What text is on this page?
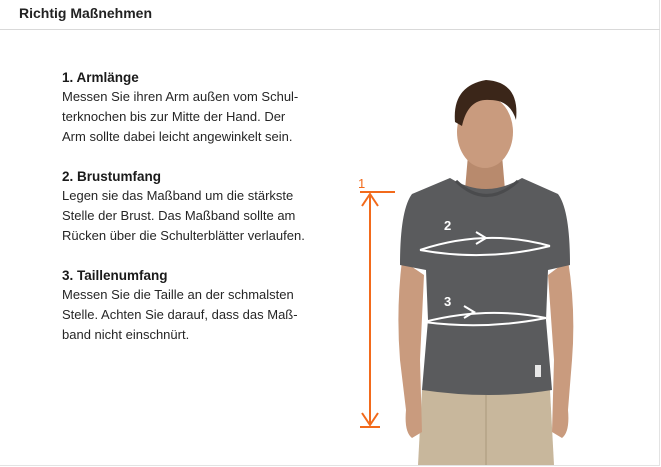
Richtig Maßnehmen
1. Armlänge
Messen Sie ihren Arm außen vom Schul-
terknochen bis zur Mitte der Hand. Der
Arm sollte dabei leicht angewinkelt sein.
2. Brustumfang
Legen sie das Maßband um die stärkste
Stelle der Brust. Das Maßband sollte am
Rücken über die Schulterblätter verlaufen.
3. Taillenumfang
Messen Sie die Taille an der schmalsten
Stelle. Achten Sie darauf, dass das Maß-
band nicht einschnürt.
1
2
3
